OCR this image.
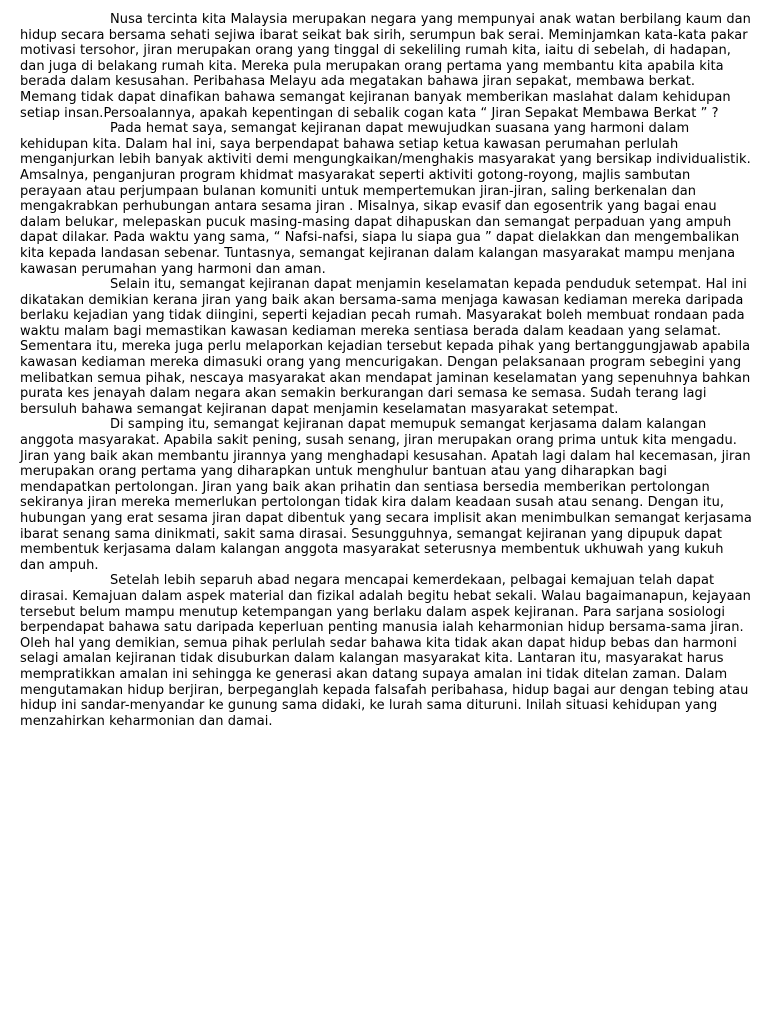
Nusa tercinta kita Malaysia merupakan negara yang mempunyai anak watan berbilang kaum dan hidup secara bersama sehati sejiwa ibarat seikat bak sirih, serumpun bak serai. Meminjamkan kata-kata pakar motivasi tersohor, jiran merupakan orang yang tinggal di sekeliling rumah kita, iaitu di sebelah, di hadapan, dan juga di belakang rumah kita. Mereka pula merupakan orang pertama yang membantu kita apabila kita berada dalam kesusahan. Peribahasa Melayu ada megatakan bahawa jiran sepakat, membawa berkat. Memang tidak dapat dinafikan bahawa semangat kejiranan banyak memberikan maslahat dalam kehidupan setiap insan.Persoalannya, apakah kepentingan di sebalik cogan kata “ Jiran Sepakat Membawa Berkat ” ?

Pada hemat saya, semangat kejiranan dapat mewujudkan suasana yang harmoni dalam kehidupan kita. Dalam hal ini, saya berpendapat bahawa setiap ketua kawasan perumahan perlulah menganjurkan lebih banyak aktiviti demi mengungkaikan/menghakis masyarakat yang bersikap individualistik. Amsalnya, penganjuran program khidmat masyarakat seperti aktiviti gotong-royong, majlis sambutan perayaan atau perjumpaan bulanan komuniti untuk mempertemukan jiran-jiran, saling berkenalan dan mengakrabkan perhubungan antara sesama jiran . Misalnya, sikap evasif dan egosentrik yang bagai enau dalam belukar, melepaskan pucuk masing-masing dapat dihapuskan dan semangat perpaduan yang ampuh dapat dilakar. Pada waktu yang sama, “ Nafsi-nafsi, siapa lu siapa gua ” dapat dielakkan dan mengembalikan kita kepada landasan sebenar. Tuntasnya, semangat kejiranan dalam kalangan masyarakat mampu menjana kawasan perumahan yang harmoni dan aman.

Selain itu, semangat kejiranan dapat menjamin keselamatan kepada penduduk setempat. Hal ini dikatakan demikian kerana jiran yang baik akan bersama-sama menjaga kawasan kediaman mereka daripada berlaku kejadian yang tidak diingini, seperti kejadian pecah rumah. Masyarakat boleh membuat rondaan pada waktu malam bagi memastikan kawasan kediaman mereka sentiasa berada dalam keadaan yang selamat. Sementara itu, mereka juga perlu melaporkan kejadian tersebut kepada pihak yang bertanggungjawab apabila kawasan kediaman mereka dimasuki orang yang mencurigakan. Dengan pelaksanaan program sebegini yang melibatkan semua pihak, nescaya masyarakat akan mendapat jaminan keselamatan yang sepenuhnya bahkan purata kes jenayah dalam negara akan semakin berkurangan dari semasa ke semasa. Sudah terang lagi bersuluh bahawa semangat kejiranan dapat menjamin keselamatan masyarakat setempat.

Di samping itu, semangat kejiranan dapat memupuk semangat kerjasama dalam kalangan anggota masyarakat. Apabila sakit pening, susah senang, jiran merupakan orang prima untuk kita mengadu. Jiran yang baik akan membantu jirannya yang menghadapi kesusahan. Apatah lagi dalam hal kecemasan, jiran merupakan orang pertama yang diharapkan untuk menghulur bantuan atau yang diharapkan bagi mendapatkan pertolongan. Jiran yang baik akan prihatin dan sentiasa bersedia memberikan pertolongan sekiranya jiran mereka memerlukan pertolongan tidak kira dalam keadaan susah atau senang. Dengan itu, hubungan yang erat sesama jiran dapat dibentuk yang secara implisit akan menimbulkan semangat kerjasama ibarat senang sama dinikmati, sakit sama dirasai. Sesungguhnya, semangat kejiranan yang dipupuk dapat membentuk kerjasama dalam kalangan anggota masyarakat seterusnya membentuk ukhuwah yang kukuh dan ampuh.

Setelah lebih separuh abad negara mencapai kemerdekaan, pelbagai kemajuan telah dapat dirasai. Kemajuan dalam aspek material dan fizikal adalah begitu hebat sekali. Walau bagaimanapun, kejayaan tersebut belum mampu menutup ketempangan yang berlaku dalam aspek kejiranan. Para sarjana sosiologi berpendapat bahawa satu daripada keperluan penting manusia ialah keharmonian hidup bersama-sama jiran. Oleh hal yang demikian, semua pihak perlulah sedar bahawa kita tidak akan dapat hidup bebas dan harmoni selagi amalan kejiranan tidak disuburkan dalam kalangan masyarakat kita. Lantaran itu, masyarakat harus mempratikkan amalan ini sehingga ke generasi akan datang supaya amalan ini tidak ditelan zaman. Dalam mengutamakan hidup berjiran, berpeganglah kepada falsafah peribahasa, hidup bagai aur dengan tebing atau hidup ini sandar-menyandar ke gunung sama didaki, ke lurah sama dituruni. Inilah situasi kehidupan yang menzahirkan keharmonian dan damai.
